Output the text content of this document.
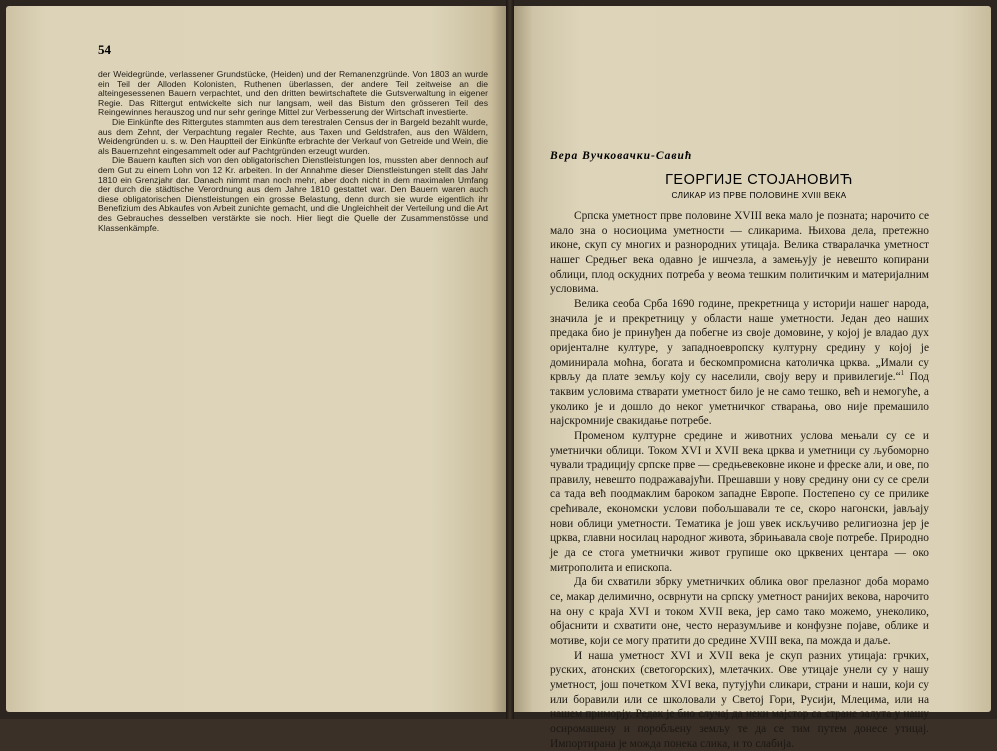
54

der Weidegründe, verlassener Grundstücke, (Heiden) und der Remanenzgründe. Von 1803 an wurde ein Teil der Alloden Kolonisten, Ruthenen überlassen, der andere Teil zeitweise an die alteingesessenen Bauern verpachtet, und den dritten bewirtschaftete die Gutsverwaltung in eigener Regie. Das Rittergut entwickelte sich nur langsam, weil das Bistum den grösseren Teil des Reingewinnes herauszog und nur sehr geringe Mittel zur Verbesserung der Wirtschaft investierte.

Die Einkünfte des Rittergutes stammten aus dem terestralen Census der in Bargeld bezahlt wurde, aus dem Zehnt, der Verpachtung regaler Rechte, aus Taxen und Geldstrafen, aus den Wäldern, Weidengründen u. s. w. Den Hauptteil der Einkünfte erbrachte der Verkauf von Getreide und Wein, die als Bauernzehnt eingesammelt oder auf Pachtgründen erzeugt wurden.

Die Bauern kauften sich von den obligatorischen Dienstleistungen los, mussten aber dennoch auf dem Gut zu einem Lohn von 12 Kr. arbeiten. In der Annahme dieser Dienstleistungen stellt das Jahr 1810 ein Grenzjahr dar. Danach nimmt man noch mehr, aber doch nicht in dem maximalen Umfang der durch die städtische Verordnung aus dem Jahre 1810 gestattet war. Den Bauern waren auch diese obligatorischen Dienstleistungen ein grosse Belastung, denn durch sie wurde eigentlich ihr Benefizium des Abkaufes von Arbeit zunichte gemacht, und die Ungleichheit der Verteilung und die Art des Gebrauches desselben verstärkte sie noch. Hier liegt die Quelle der Zusammenstösse und Klassenkämpfe.

Вера Вучковачки-Савић
ГЕОРГИЈЕ СТОЈАНОВИЋ
СЛИКАР ИЗ ПРВЕ ПОЛОВИНЕ XVIII ВЕКА

Српска уметност прве половине XVIII века мало је позната; нарочито се мало зна о носиоцима уметности — сликарима. Њихова дела, претежно иконе, скуп су многих и разнородних утицаја. Велика стваралачка уметност нашег Средњег века одавно је ишчезла, а замењују је невешто копирани облици, плод оскудних потреба у веома тешким политичким и материјалним условима.

Велика сеоба Срба 1690 године, прекретница у историји нашег народа, значила је и прекретницу у области наше уметности. Један део наших предака био је принуђен да побегне из своје домовине, у којој је владао дух оријенталне културе, у западноевропску културну средину у којој је доминирала моћна, богата и бескомпромисна католичка црква. „Имали су крвљу да плате земљу коју су населили, своју веру и привилегије.“$^1$ Под таквим условима стварати уметност било је не само тешко, већ и немогуће, а уколико је и дошло до неког уметничког стварања, ово није премашило најскромније свакидање потребе.

Променом културне средине и животних услова мењали су се и уметнички облици. Током XVI и XVII века црква и уметници су љубоморно чували традицију српске прве — средњевековне иконе и фреске али, и ове, по правилу, невешто подражавајући. Прешавши у нову средину они су се срели са тада већ поодмаклим бароком западне Европе. Постепено су се прилике срећивале, економски услови побољшавали те се, скоро нагонски, јављају нови облици уметности. Тематика је још увек искључиво религиозна јер је црква, главни носилац народног живота, збрињавала своје потребе. Природно је да се стога уметнички живот групише око црквених центара — око митрополита и епископа.

Да би схватили збрку уметничких облика овог прелазног доба морамо се, макар делимично, осврнути на српску уметност ранијих векова, нарочито на ону с краја XVI и током XVII века, јер само тако можемо, унеколико, објаснити и схватити оне, често неразумљиве и конфузне појаве, облике и мотиве, који се могу пратити до средине XVIII века, па можда и даље.

И наша уметност XVI и XVII века је скуп разних утицаја: грчких, руских, атонских (светогорских), млетачких. Ове утицаје унели су у нашу уметност, још почетком XVI века, путујући сликари, страни и наши, који су или боравили или се школовали у Светој Гори, Русији, Млецима, или на нашем приморју. Редак је био случај да неки мајстор са стране залута у нашу осиромашену и поробљену земљу те да се тим путем донесе утицај. Импортирана је можда понека слика, и то слабија.
